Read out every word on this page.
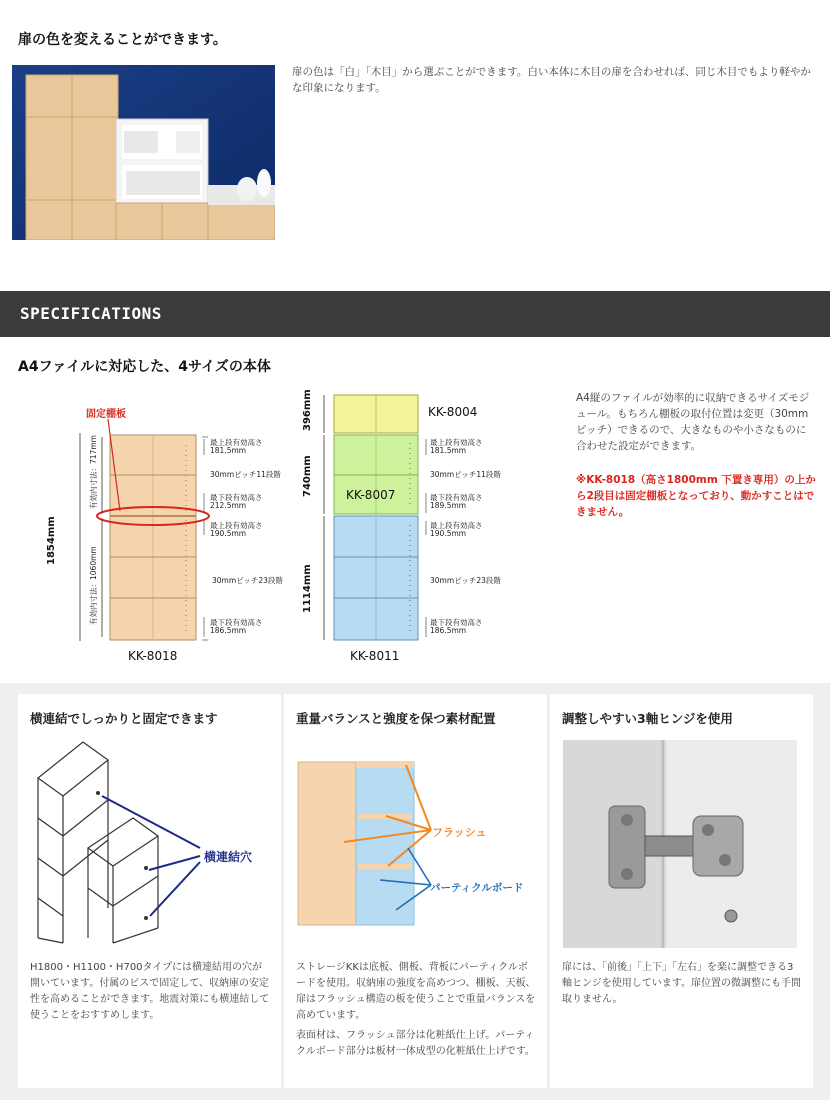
扉の色を変えることができます。
扉の色は「白」「木目」から選ぶことができます。白い本体に木目の扉を合わせれば、同じ木目でもより軽やかな印象になります。
SPECIFICATIONS
A4ファイルに対応した、4サイズの本体
固定棚板
1854mm
有効内寸法：717mm
有効内寸法：1060mm
最上段有効高さ
181.5mm
30mmピッチ11段階
最下段有効高さ
212.5mm
最上段有効高さ
190.5mm
30mmピッチ23段階
最下段有効高さ
186.5mm
KK-8018
396mm
740mm
1114mm
KK-8004
KK-8007
KK-8011
最上段有効高さ
181.5mm
30mmピッチ11段階
最下段有効高さ
189.5mm
最上段有効高さ
190.5mm
30mmピッチ23段階
最下段有効高さ
186.5mm
A4縦のファイルが効率的に収納できるサイズモジュール。もちろん棚板の取付位置は変更（30mmピッチ）できるので、大きなものや小さなものに合わせた設定ができます。
※KK-8018（高さ1800mm 下置き専用）の上から2段目は固定棚板となっており、動かすことはできません。
横連結でしっかりと固定できます
横連結穴
H1800・H1100・H700タイプには横連結用の穴が開いています。付属のビスで固定して、収納庫の安定性を高めることができます。地震対策にも横連結して使うことをおすすめします。
重量バランスと強度を保つ素材配置
フラッシュ
パーティクルボード
ストレージKKは底板、側板、背板にパーティクルボードを使用。収納庫の強度を高めつつ、棚板、天板、扉はフラッシュ構造の板を使うことで重量バランスを高めています。
表面材は、フラッシュ部分は化粧紙仕上げ。パーティクルボード部分は板材一体成型の化粧紙仕上げです。
調整しやすい3軸ヒンジを使用
扉には、「前後」「上下」「左右」を楽に調整できる3軸ヒンジを使用しています。扉位置の微調整にも手間取りません。
